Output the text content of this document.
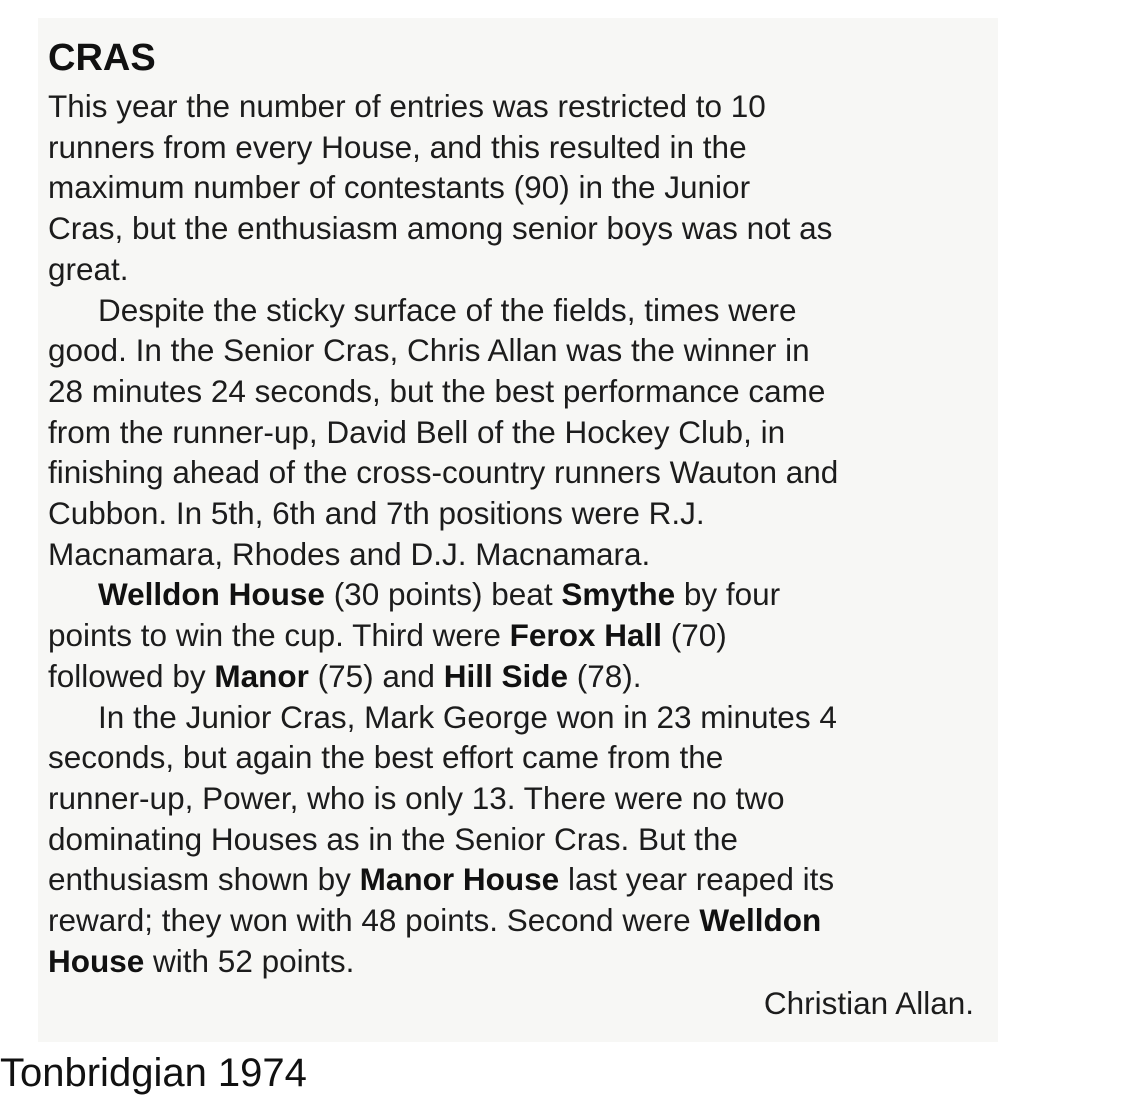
CRAS

This year the number of entries was restricted to 10
runners from every House, and this resulted in the
maximum number of contestants (90) in the Junior
Cras, but the enthusiasm among senior boys was not as
great.

Despite the sticky surface of the fields, times were
good. In the Senior Cras, Chris Allan was the winner in
28 minutes 24 seconds, but the best performance came
from the runner-up, David Bell of the Hockey Club, in
finishing ahead of the cross-country runners Wauton and
Cubbon. In 5th, 6th and 7th positions were R.J.
Macnamara, Rhodes and D.J. Macnamara.

Welldon House (30 points) beat Smythe by four
points to win the cup. Third were Ferox Hall (70)
followed by Manor (75) and Hill Side (78).

In the Junior Cras, Mark George won in 23 minutes 4
seconds, but again the best effort came from the
runner-up, Power, who is only 13. There were no two
dominating Houses as in the Senior Cras. But the
enthusiasm shown by Manor House last year reaped its
reward; they won with 48 points. Second were Welldon
House with 52 points.

Christian Allan.
Tonbridgian 1974
